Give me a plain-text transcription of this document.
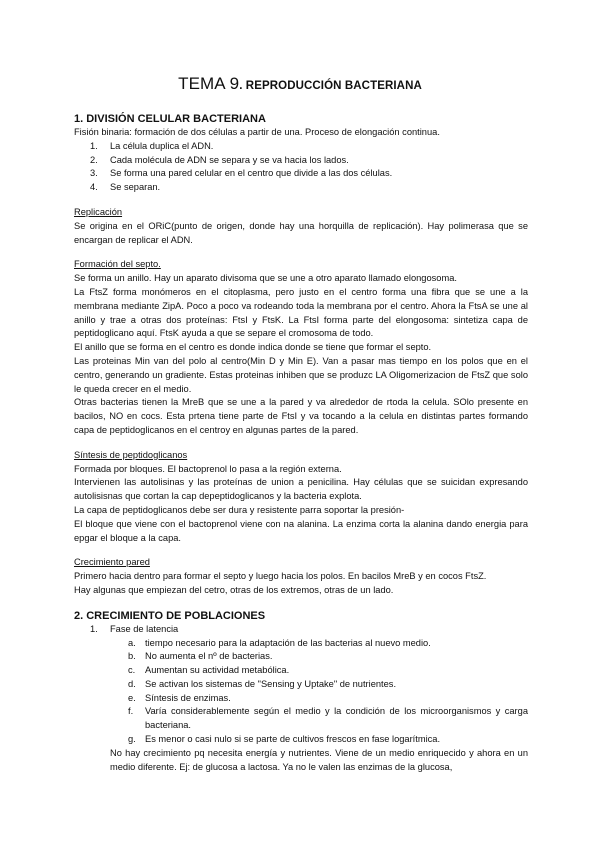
TEMA 9. REPRODUCCIÓN BACTERIANA

1. DIVISIÓN CELULAR BACTERIANA

Fisión binaria: formación de dos células a partir de una. Proceso de elongación continua.

1. La célula duplica el ADN.
2. Cada molécula de ADN se separa y se va hacia los lados.
3. Se forma una pared celular en el centro que divide a las dos células.
4. Se separan.

Replicación

Se origina en el ORiC(punto de origen, donde hay una horquilla de replicación). Hay polimerasa que se encargan de replicar el ADN.

Formación del septo.

Se forma un anillo. Hay un aparato divisoma que se une a otro aparato llamado elongosoma.

La FtsZ forma monómeros en el citoplasma, pero justo en el centro forma una fibra que se une a la membrana mediante ZipA. Poco a poco va rodeando toda la membrana por el centro. Ahora la FtsA se une al anillo y trae a otras dos proteínas: FtsI y FtsK. La FtsI forma parte del elongosoma: sintetiza capa de peptidoglicano aquí. FtsK ayuda a que se separe el cromosoma de todo.

El anillo que se forma en el centro es donde indica donde se tiene que formar el septo.

Las proteinas Min van del polo al centro(Min D y Min E). Van a pasar mas tiempo en los polos que en el centro, generando un gradiente. Estas proteinas inhiben que se produzc LA Oligomerizacion de FtsZ que solo le queda crecer en el medio.

Otras bacterias tienen la MreB que se une a la pared y va alrededor de rtoda la celula. SOlo presente en bacilos, NO en cocs. Esta prtena tiene parte de FtsI y va tocando a la celula en distintas partes formando capa de peptidoglicanos en el centroy en algunas partes de la pared.

Síntesis de peptidoglicanos

Formada por bloques. El bactoprenol lo pasa a la región externa.

Intervienen las autolisinas y las proteínas de union a penicilina. Hay células que se suicidan expresando autolisisnas que cortan la cap depeptidoglicanos y la bacteria explota.

La capa de peptidoglicanos debe ser dura y resistente parra soportar la presión-

El bloque que viene con el bactoprenol viene con na alanina. La enzima corta la alanina dando energia para epgar el bloque a la capa.

Crecimiento pared

Primero hacia dentro para formar el septo y luego hacia los polos. En bacilos MreB y en cocos FtsZ.

Hay algunas que empiezan del cetro, otras de los extremos, otras de un lado.

2. CRECIMIENTO DE POBLACIONES

1. Fase de latencia
a. tiempo necesario para la adaptación de las bacterias al nuevo medio.
b. No aumenta el nº de bacterias.
c. Aumentan su actividad metabólica.
d. Se activan los sistemas de "Sensing y Uptake" de nutrientes.
e. Síntesis de enzimas.
f. Varía considerablemente según el medio y la condición de los microorganismos y carga bacteriana.
g. Es menor o casi nulo si se parte de cultivos frescos en fase logarítmica.

No hay crecimiento pq necesita energía y nutrientes. Viene de un medio enriquecido y ahora en un medio diferente. Ej: de glucosa a lactosa. Ya no le valen las enzimas de la glucosa,
